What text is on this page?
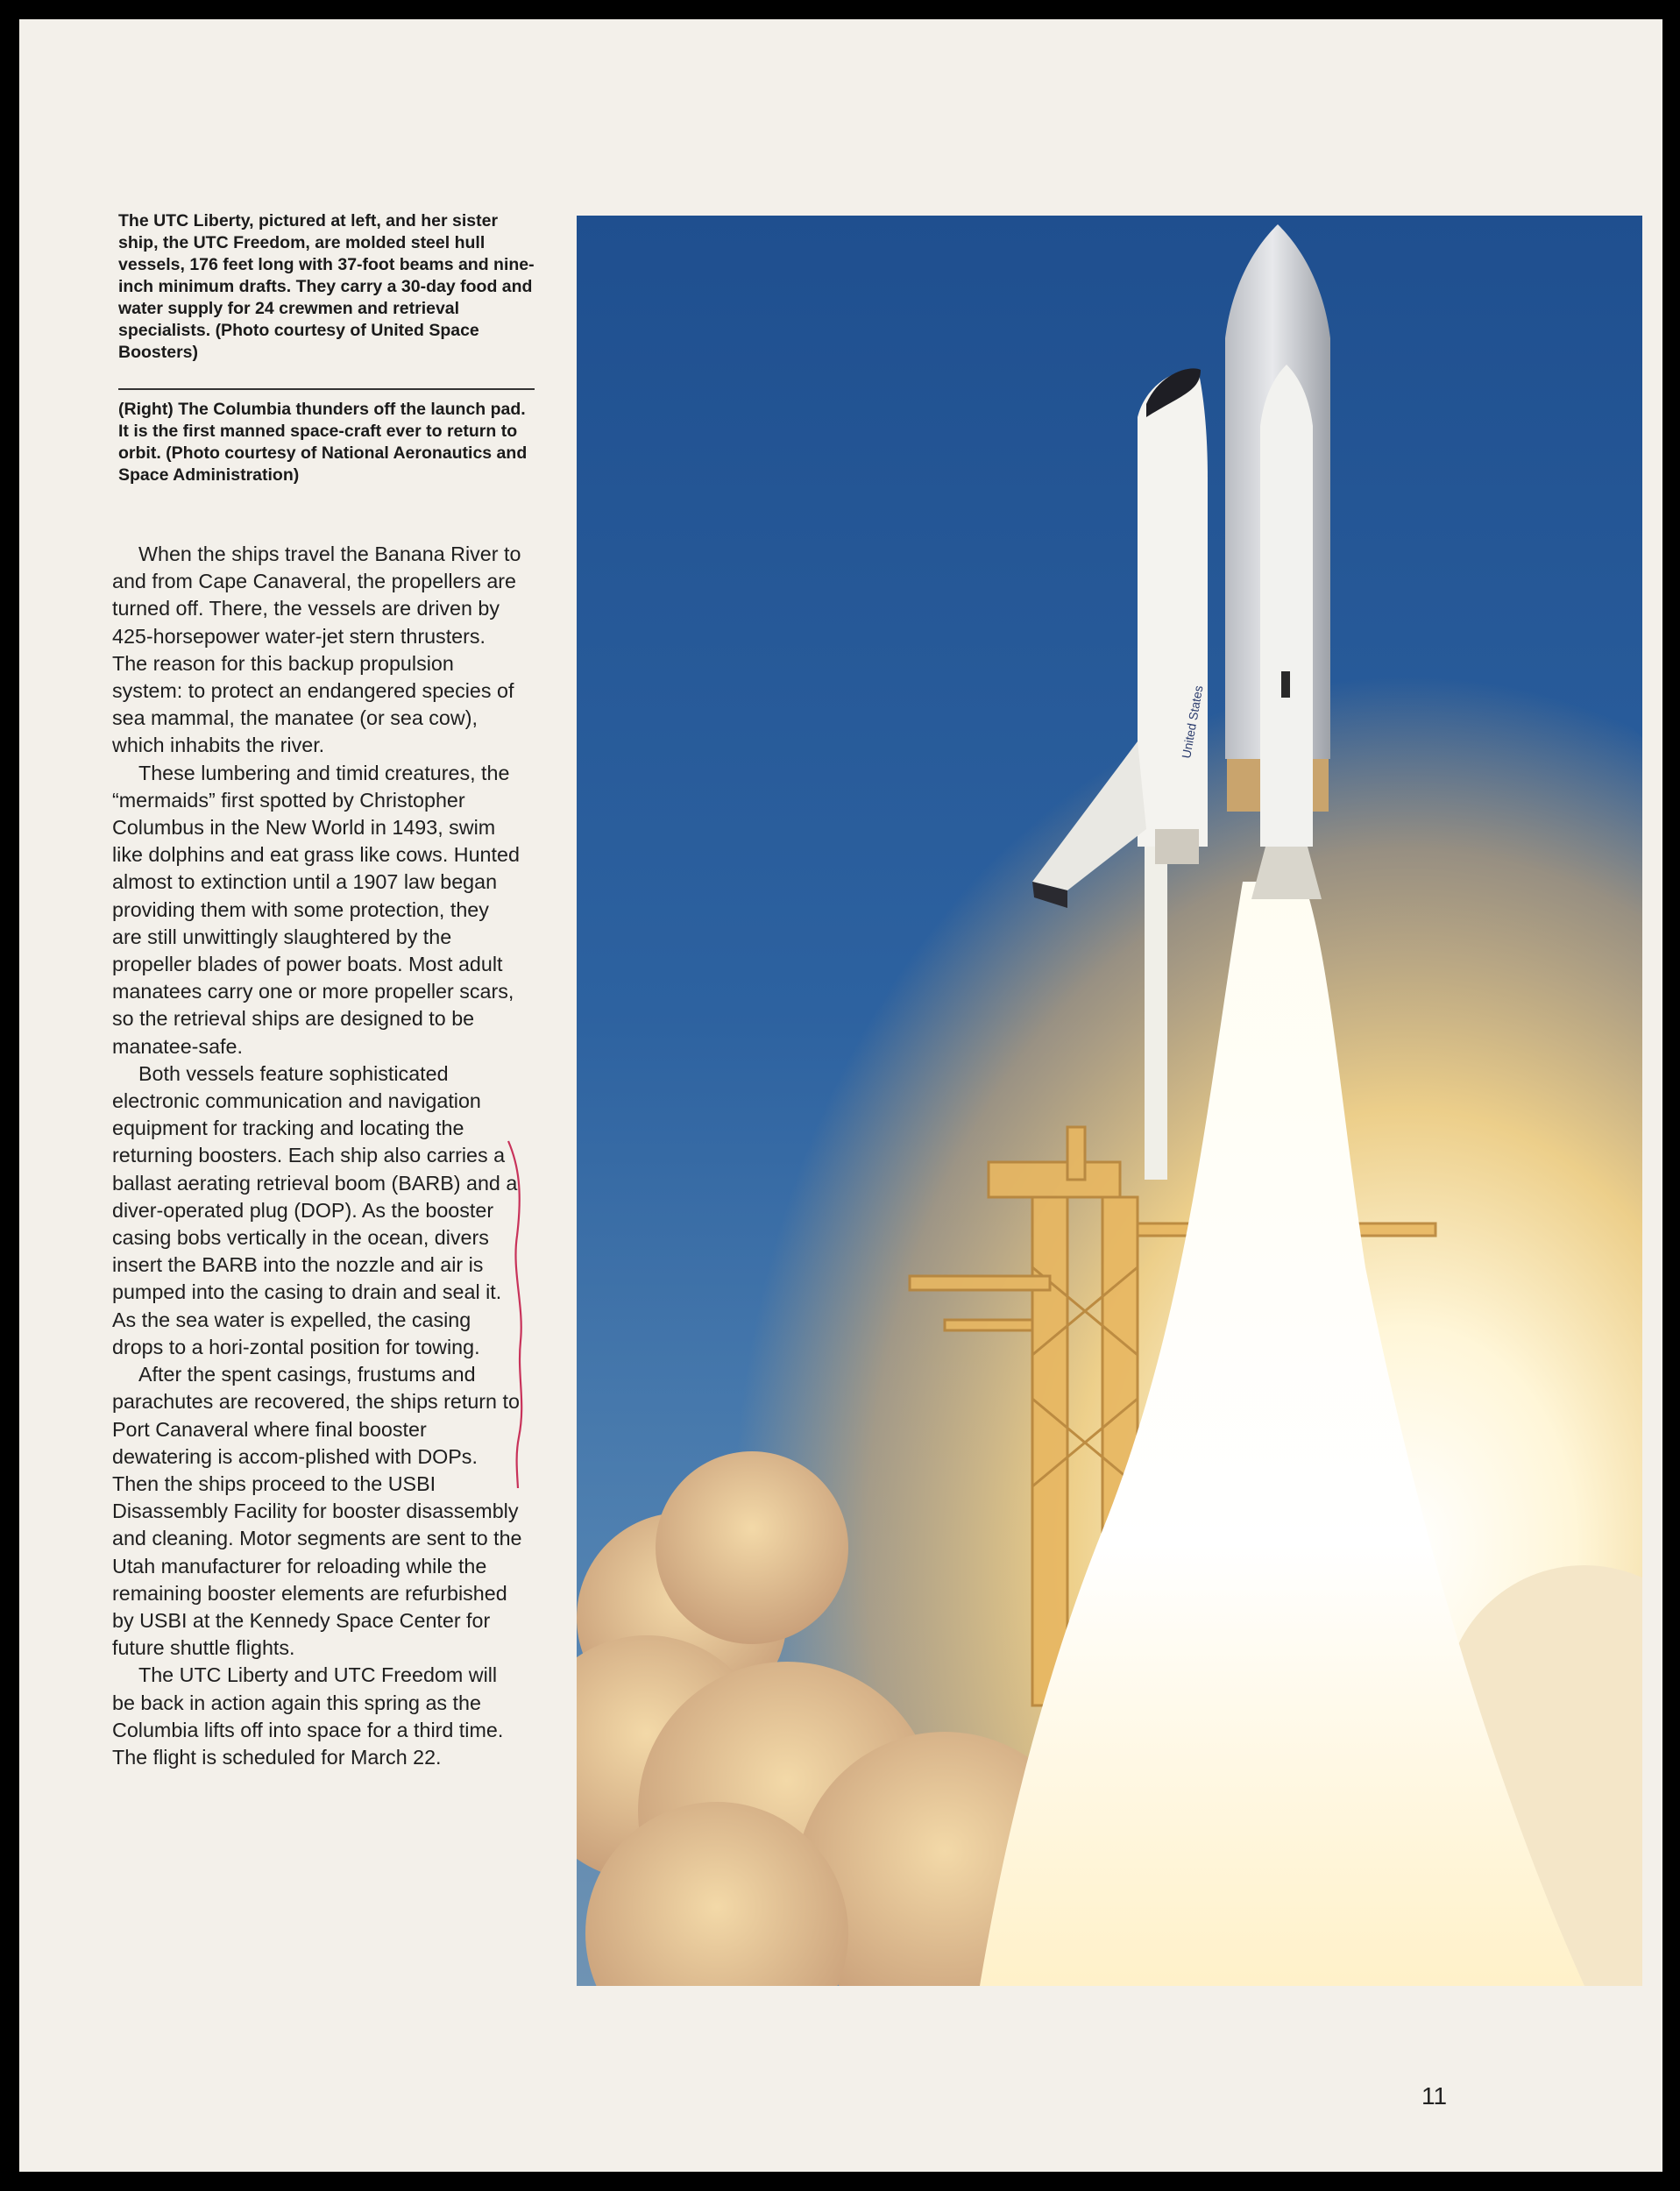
The UTC Liberty, pictured at left, and her sister ship, the UTC Freedom, are molded steel hull vessels, 176 feet long with 37-foot beams and nine-inch minimum drafts. They carry a 30-day food and water supply for 24 crewmen and retrieval specialists. (Photo courtesy of United Space Boosters)

(Right) The Columbia thunders off the launch pad. It is the first manned space-craft ever to return to orbit. (Photo courtesy of National Aeronautics and Space Administration)

When the ships travel the Banana River to and from Cape Canaveral, the propellers are turned off. There, the vessels are driven by 425-horsepower water-jet stern thrusters. The reason for this backup propulsion system: to protect an endangered species of sea mammal, the manatee (or sea cow), which inhabits the river.

These lumbering and timid creatures, the “mermaids” first spotted by Christopher Columbus in the New World in 1493, swim like dolphins and eat grass like cows. Hunted almost to extinction until a 1907 law began providing them with some protection, they are still unwittingly slaughtered by the propeller blades of power boats. Most adult manatees carry one or more propeller scars, so the retrieval ships are designed to be manatee-safe.

Both vessels feature sophisticated electronic communication and navigation equipment for tracking and locating the returning boosters. Each ship also carries a ballast aerating retrieval boom (BARB) and a diver-operated plug (DOP). As the booster casing bobs vertically in the ocean, divers insert the BARB into the nozzle and air is pumped into the casing to drain and seal it. As the sea water is expelled, the casing drops to a hori-zontal position for towing.

After the spent casings, frustums and parachutes are recovered, the ships return to Port Canaveral where final booster dewatering is accom-plished with DOPs. Then the ships proceed to the USBI Disassembly Facility for booster disassembly and cleaning. Motor segments are sent to the Utah manufacturer for reloading while the remaining booster elements are refurbished by USBI at the Kennedy Space Center for future shuttle flights.

The UTC Liberty and UTC Freedom will be back in action again this spring as the Columbia lifts off into space for a third time. The flight is scheduled for March 22.

United States
11
